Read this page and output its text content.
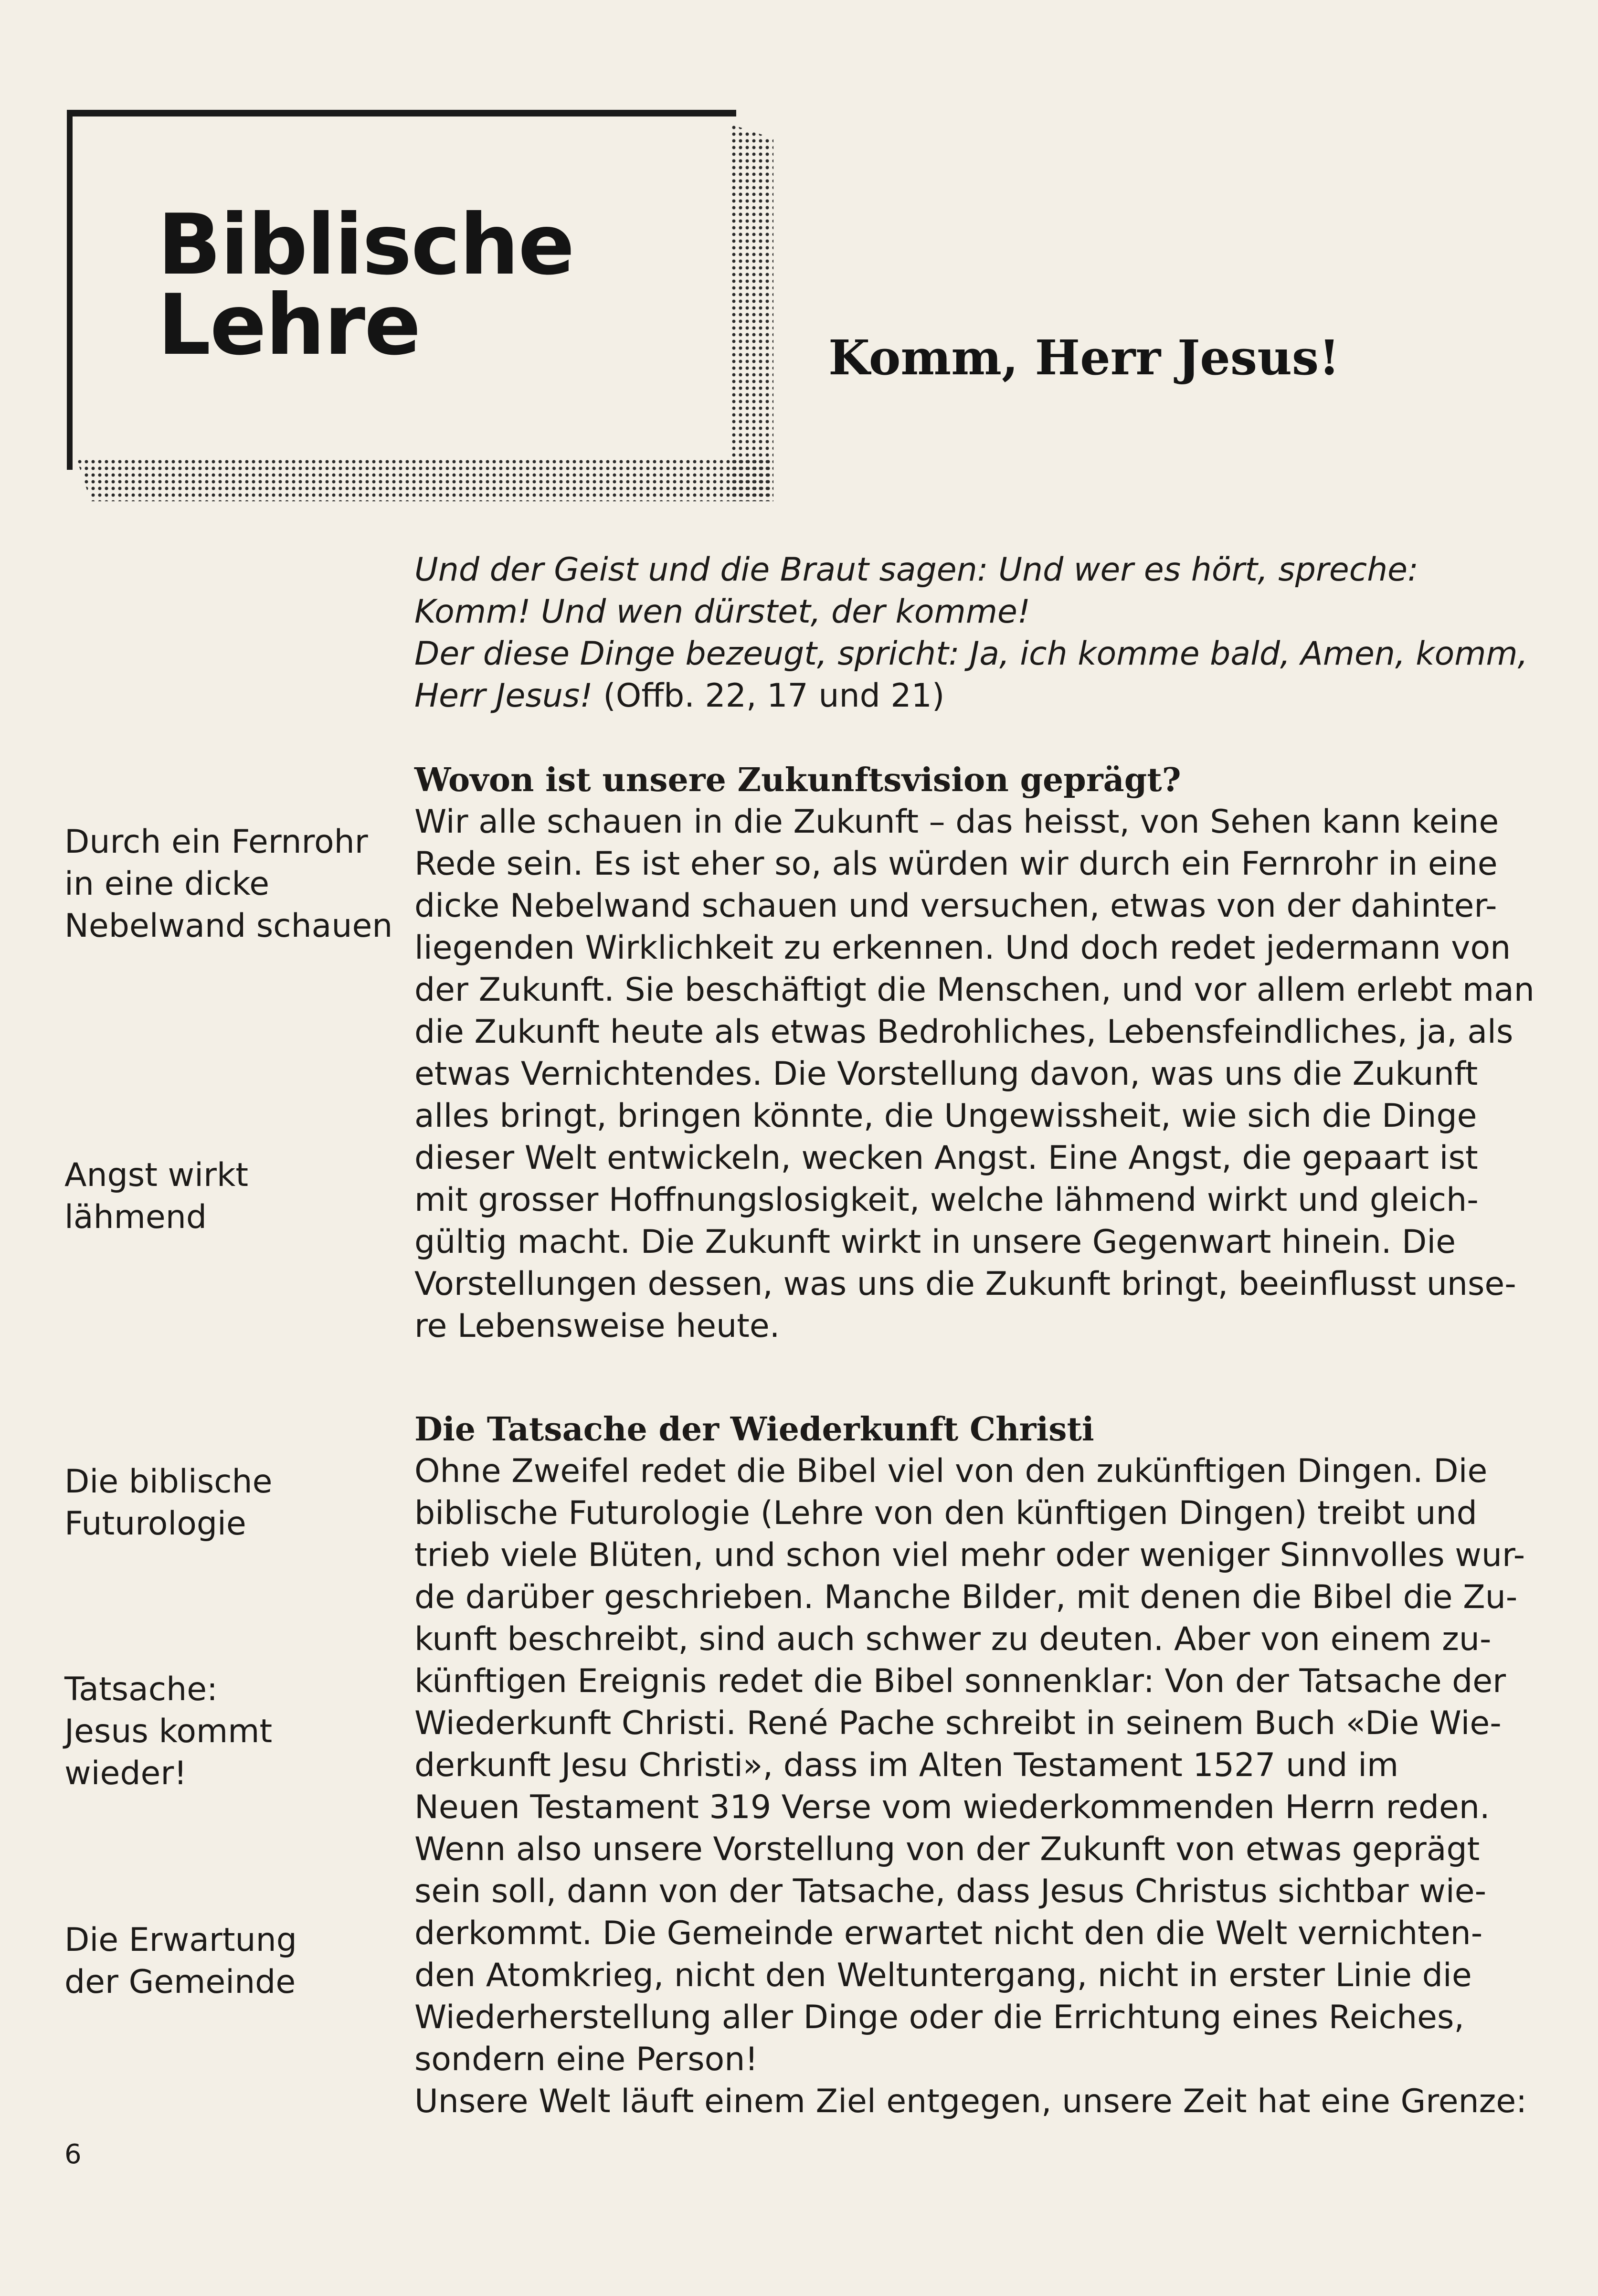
Biblische
Lehre	Komm, Herr Jesus!

Und der Geist und die Braut sagen: Und wer es hört, spreche:
Komm! Und wen dürstet, der komme!
Der diese Dinge bezeugt, spricht: Ja, ich komme bald, Amen, komm,
Herr Jesus! (Offb. 22, 17 und 21)

Wovon ist unsere Zukunftsvision geprägt?
Wir alle schauen in die Zukunft – das heisst, von Sehen kann keine
Rede sein. Es ist eher so, als würden wir durch ein Fernrohr in eine
dicke Nebelwand schauen und versuchen, etwas von der dahinter-
liegenden Wirklichkeit zu erkennen. Und doch redet jedermann von
der Zukunft. Sie beschäftigt die Menschen, und vor allem erlebt man
die Zukunft heute als etwas Bedrohliches, Lebensfeindliches, ja, als
etwas Vernichtendes. Die Vorstellung davon, was uns die Zukunft
alles bringt, bringen könnte, die Ungewissheit, wie sich die Dinge
dieser Welt entwickeln, wecken Angst. Eine Angst, die gepaart ist
mit grosser Hoffnungslosigkeit, welche lähmend wirkt und gleich-
gültig macht. Die Zukunft wirkt in unsere Gegenwart hinein. Die
Vorstellungen dessen, was uns die Zukunft bringt, beeinflusst unse-
re Lebensweise heute.
Die Tatsache der Wiederkunft Christi
Ohne Zweifel redet die Bibel viel von den zukünftigen Dingen. Die
biblische Futurologie (Lehre von den künftigen Dingen) treibt und
trieb viele Blüten, und schon viel mehr oder weniger Sinnvolles wur-
de darüber geschrieben. Manche Bilder, mit denen die Bibel die Zu-
kunft beschreibt, sind auch schwer zu deuten. Aber von einem zu-
künftigen Ereignis redet die Bibel sonnenklar: Von der Tatsache der
Wiederkunft Christi. René Pache schreibt in seinem Buch «Die Wie-
derkunft Jesu Christi», dass im Alten Testament 1527 und im
Neuen Testament 319 Verse vom wiederkommenden Herrn reden.
Wenn also unsere Vorstellung von der Zukunft von etwas geprägt
sein soll, dann von der Tatsache, dass Jesus Christus sichtbar wie-
derkommt. Die Gemeinde erwartet nicht den die Welt vernichten-
den Atomkrieg, nicht den Weltuntergang, nicht in erster Linie die
Wiederherstellung aller Dinge oder die Errichtung eines Reiches,
sondern eine Person!
Unsere Welt läuft einem Ziel entgegen, unsere Zeit hat eine Grenze:

Durch ein Fernrohr
in eine dicke
Nebelwand schauen

Angst wirkt
lähmend

Die biblische
Futurologie

Tatsache:
Jesus kommt
wieder!

Die Erwartung
der Gemeinde

6
